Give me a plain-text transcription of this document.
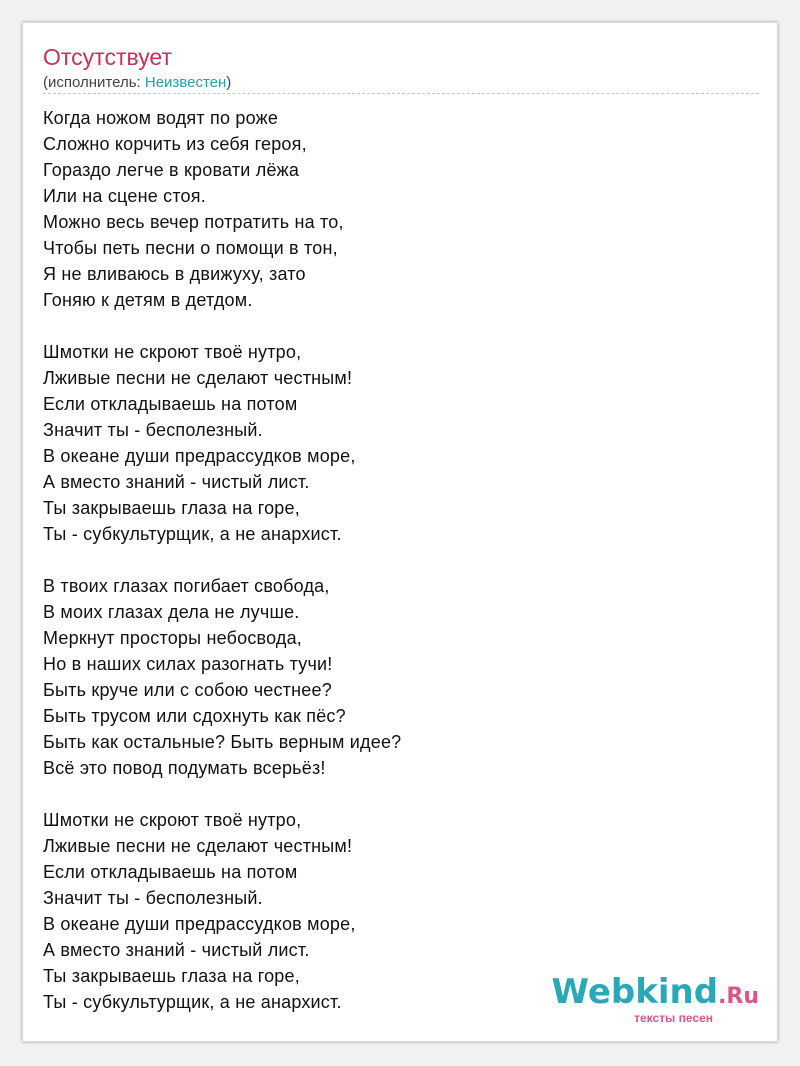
Отсутствует
(исполнитель: Неизвестен)
Когда ножом водят по роже
Сложно корчить из себя героя,
Гораздо легче в кровати лёжа
Или на сцене стоя.
Можно весь вечер потратить на то,
Чтобы петь песни о помощи в тон,
Я не вливаюсь в движуху, зато
Гоняю к детям в детдом.
Шмотки не скроют твоё нутро,
Лживые песни не сделают честным!
Если откладываешь на потом
Значит ты - бесполезный.
В океане души предрассудков море,
А вместо знаний - чистый лист.
Ты закрываешь глаза на горе,
Ты - субкультурщик, а не анархист.
В твоих глазах погибает свобода,
В моих глазах дела не лучше.
Меркнут просторы небосвода,
Но в наших силах разогнать тучи!
Быть круче или с собою честнее?
Быть трусом или сдохнуть как пёс?
Быть как остальные? Быть верным идее?
Всё это повод подумать всерьёз!
Шмотки не скроют твоё нутро,
Лживые песни не сделают честным!
Если откладываешь на потом
Значит ты - бесполезный.
В океане души предрассудков море,
А вместо знаний - чистый лист.
Ты закрываешь глаза на горе,
Ты - субкультурщик, а не анархист.	Webkind.Ru
тексты песен
